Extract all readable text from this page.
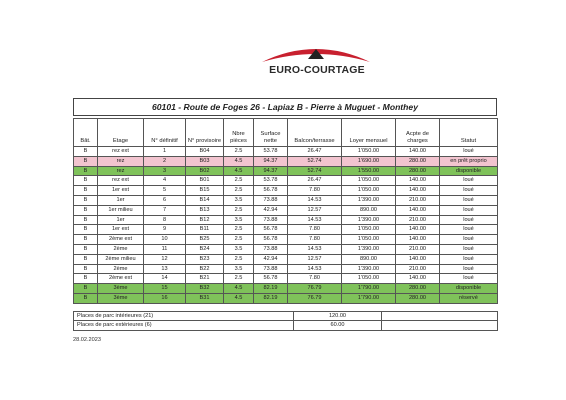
EURO-COURTAGE
60101 - Route de Foges 26 - Lapiaz B - Pierre à Muguet - Monthey
Bât.	Etage	N° définitif	N° provisoire	Nbre pièces	Surface nette	Balcon/terrasse	Loyer mensuel	Acpte de charges	Statut
B	rez ext	1	B04	2.5	53.78	26.47	1'050.00	140.00	loué
B	rez	2	B03	4.5	94.37	52.74	1'690.00	280.00	en prêt proprio
B	rez	3	B02	4.5	94.37	52.74	1'550.00	280.00	disponible
B	rez ext	4	B01	2.5	53.78	26.47	1'050.00	140.00	loué
B	1er ext	5	B15	2.5	56.78	7.80	1'050.00	140.00	loué
B	1er	6	B14	3.5	73.88	14.53	1'390.00	210.00	loué
B	1er milieu	7	B13	2.5	42.94	12.57	890.00	140.00	loué
B	1er	8	B12	3.5	73.88	14.53	1'390.00	210.00	loué
B	1er ext	9	B11	2.5	56.78	7.80	1'050.00	140.00	loué
B	2ème ext	10	B25	2.5	56.78	7.80	1'050.00	140.00	loué
B	2ème	11	B24	3.5	73.88	14.53	1'390.00	210.00	loué
B	2ème milieu	12	B23	2.5	42.94	12.57	890.00	140.00	loué
B	2ème	13	B22	3.5	73.88	14.53	1'390.00	210.00	loué
B	2ème ext	14	B21	2.5	56.78	7.80	1'050.00	140.00	loué
B	3ème	15	B32	4.5	82.19	76.79	1'790.00	280.00	disponible
B	3ème	16	B31	4.5	82.19	76.79	1'790.00	280.00	réservé
Places de parc intérieures (21)	120.00	
Places de parc extérieures (6)	60.00	
28.02.2023
